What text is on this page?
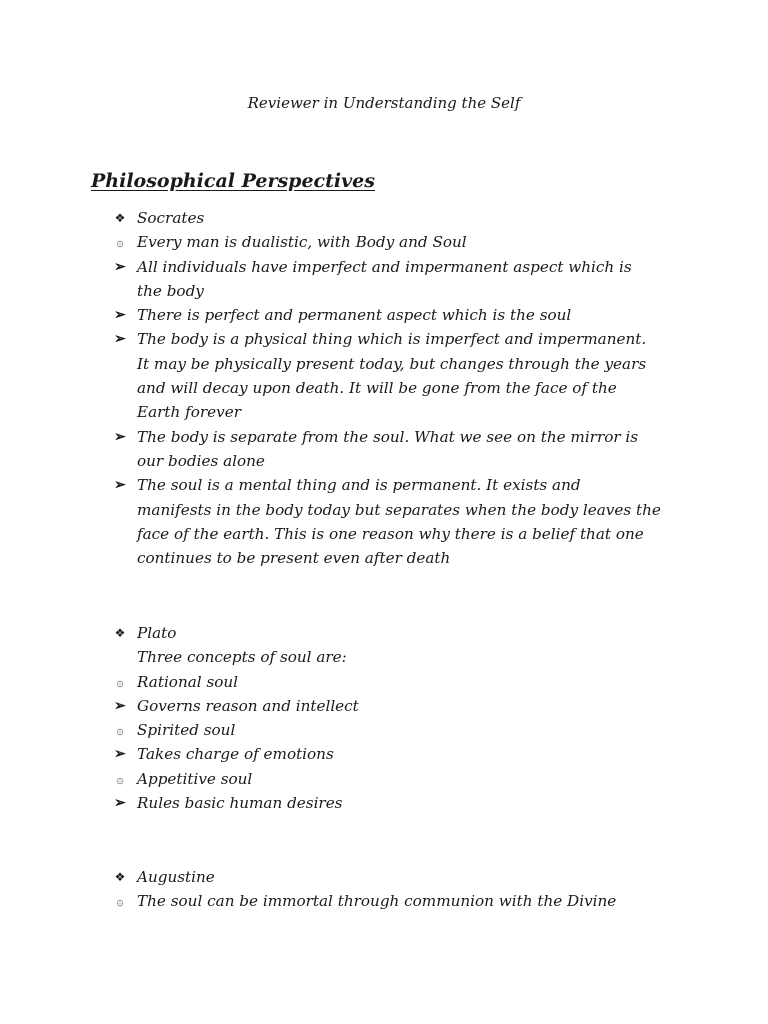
Reviewer in Understanding the Self
Philosophical Perspectives
❖ Socrates
۞ Every man is dualistic, with Body and Soul
➢ All individuals have imperfect and impermanent aspect which is
the body
➢ There is perfect and permanent aspect which is the soul
➢ The body is a physical thing which is imperfect and impermanent.
It may be physically present today, but changes through the years
and will decay upon death. It will be gone from the face of the
Earth forever
➢ The body is separate from the soul. What we see on the mirror is
our bodies alone
➢ The soul is a mental thing and is permanent. It exists and
manifests in the body today but separates when the body leaves the
face of the earth. This is one reason why there is a belief that one
continues to be present even after death
❖ Plato
Three concepts of soul are:
۞ Rational soul
➢ Governs reason and intellect
۞ Spirited soul
➢ Takes charge of emotions
۞ Appetitive soul
➢ Rules basic human desires
❖ Augustine
۞ The soul can be immortal through communion with the Divine
